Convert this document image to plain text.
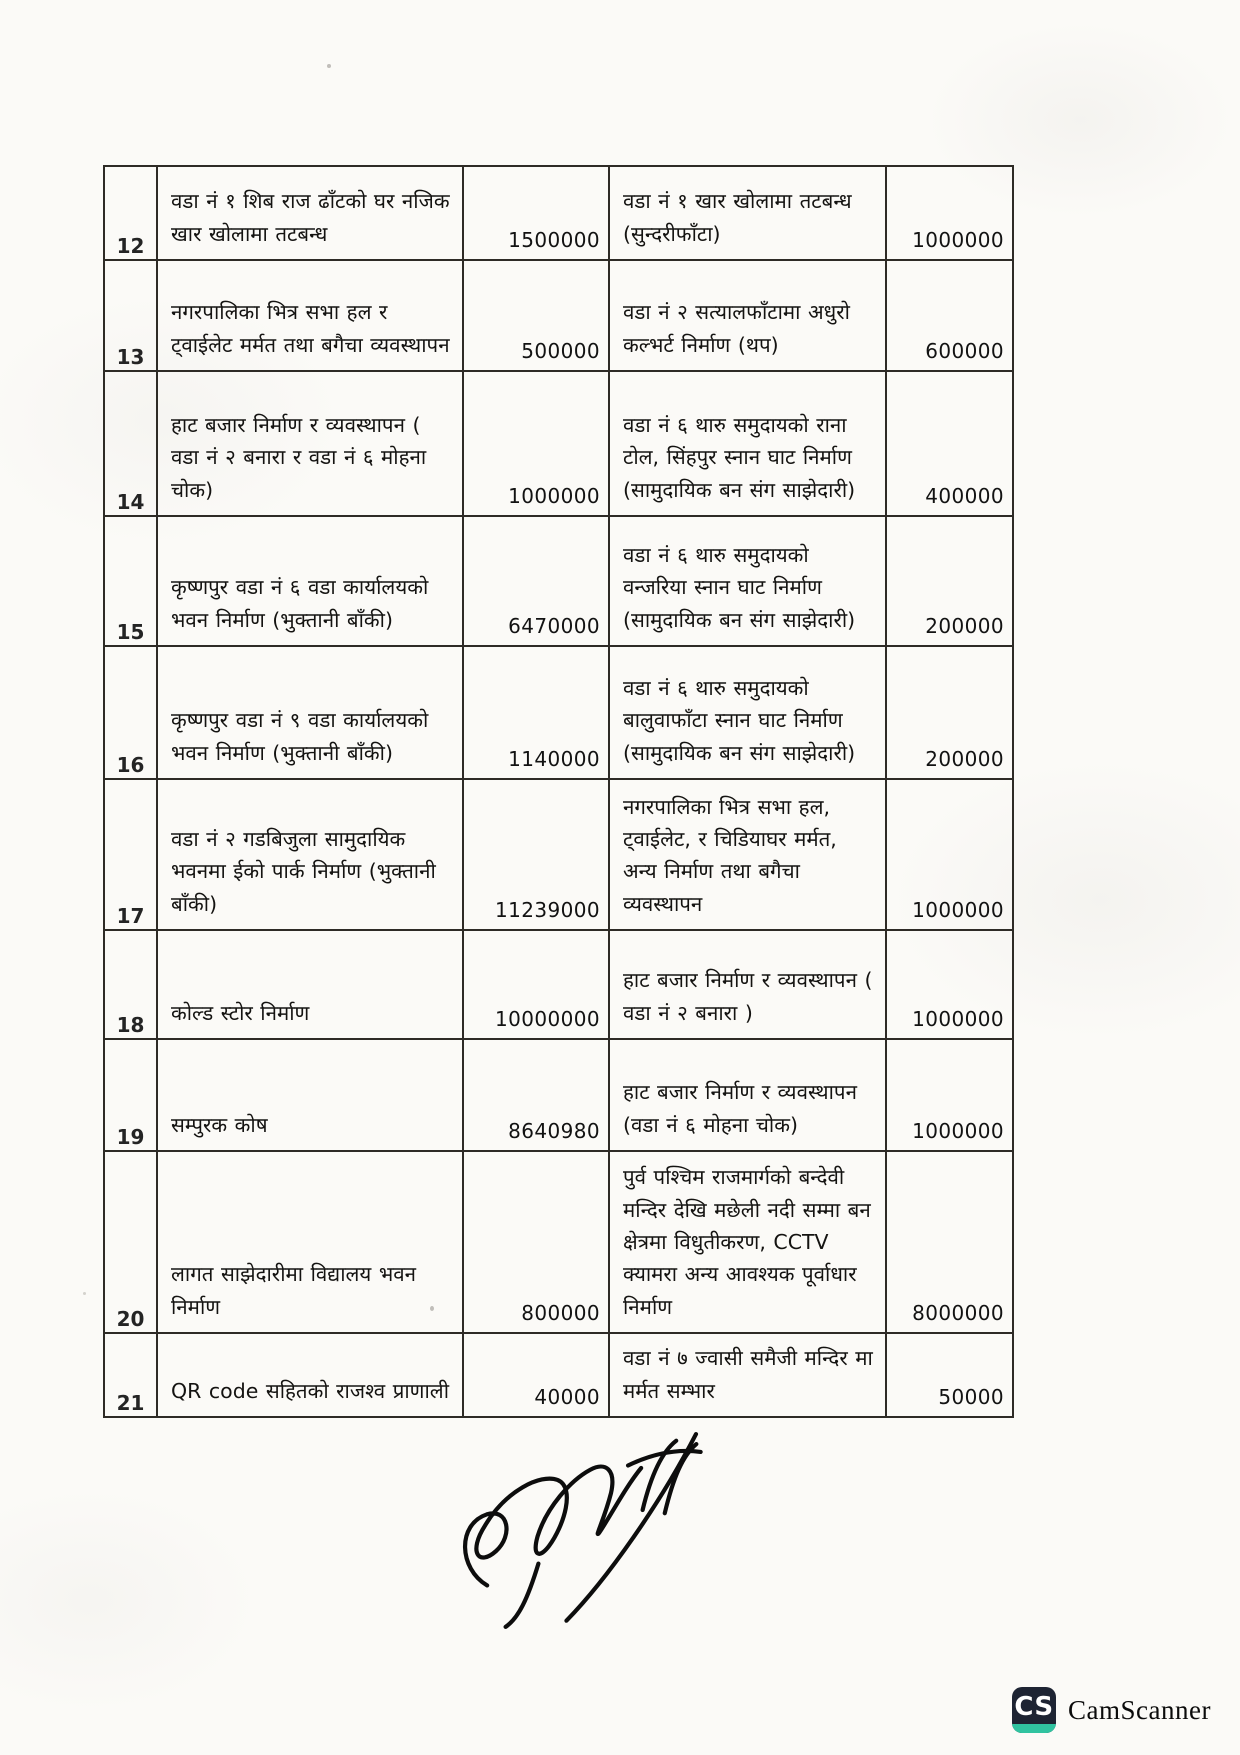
12	वडा नं १ शिब राज ढाँटको घर नजिक खार खोलामा तटबन्ध	1500000	वडा नं १ खार खोलामा तटबन्ध (सुन्दरीफाँटा)	1000000
13	नगरपालिका भित्र सभा हल र ट्वाईलेट मर्मत तथा बगैचा व्यवस्थापन	500000	वडा नं २ सत्यालफाँटामा अधुरो कल्भर्ट निर्माण (थप)	600000
14	हाट बजार निर्माण र व्यवस्थापन ( वडा नं २ बनारा र वडा नं ६ मोहना चोक)	1000000	वडा नं ६ थारु समुदायको राना टोल, सिंहपुर स्नान घाट निर्माण (सामुदायिक बन संग साझेदारी)	400000
15	कृष्णपुर वडा नं ६ वडा कार्यालयको भवन निर्माण (भुक्तानी बाँकी)	6470000	वडा नं ६ थारु समुदायको वन्जरिया स्नान घाट निर्माण (सामुदायिक बन संग साझेदारी)	200000
16	कृष्णपुर वडा नं ९ वडा कार्यालयको भवन निर्माण (भुक्तानी बाँकी)	1140000	वडा नं ६ थारु समुदायको बालुवाफाँटा स्नान घाट निर्माण (सामुदायिक बन संग साझेदारी)	200000
17	वडा नं २ गडबिजुला सामुदायिक भवनमा ईको पार्क निर्माण (भुक्तानी बाँकी)	11239000	नगरपालिका भित्र सभा हल, ट्वाईलेट, र चिडियाघर मर्मत, अन्य निर्माण तथा बगैचा व्यवस्थापन	1000000
18	कोल्ड स्टोर निर्माण	10000000	हाट बजार निर्माण र व्यवस्थापन ( वडा नं २ बनारा )	1000000
19	सम्पुरक कोष	8640980	हाट बजार निर्माण र व्यवस्थापन (वडा नं ६ मोहना चोक)	1000000
20	लागत साझेदारीमा विद्यालय भवन निर्माण	800000	पुर्व पश्चिम राजमार्गको बन्देवी मन्दिर देखि मछेली नदी सम्मा बन क्षेत्रमा विधुतीकरण, CCTV क्यामरा अन्य आवश्यक पूर्वाधार निर्माण	8000000
21	QR code सहितको राजश्व प्राणाली	40000	वडा नं ७ ज्वासी समैजी मन्दिर मा मर्मत सम्भार	50000
CS CamScanner
